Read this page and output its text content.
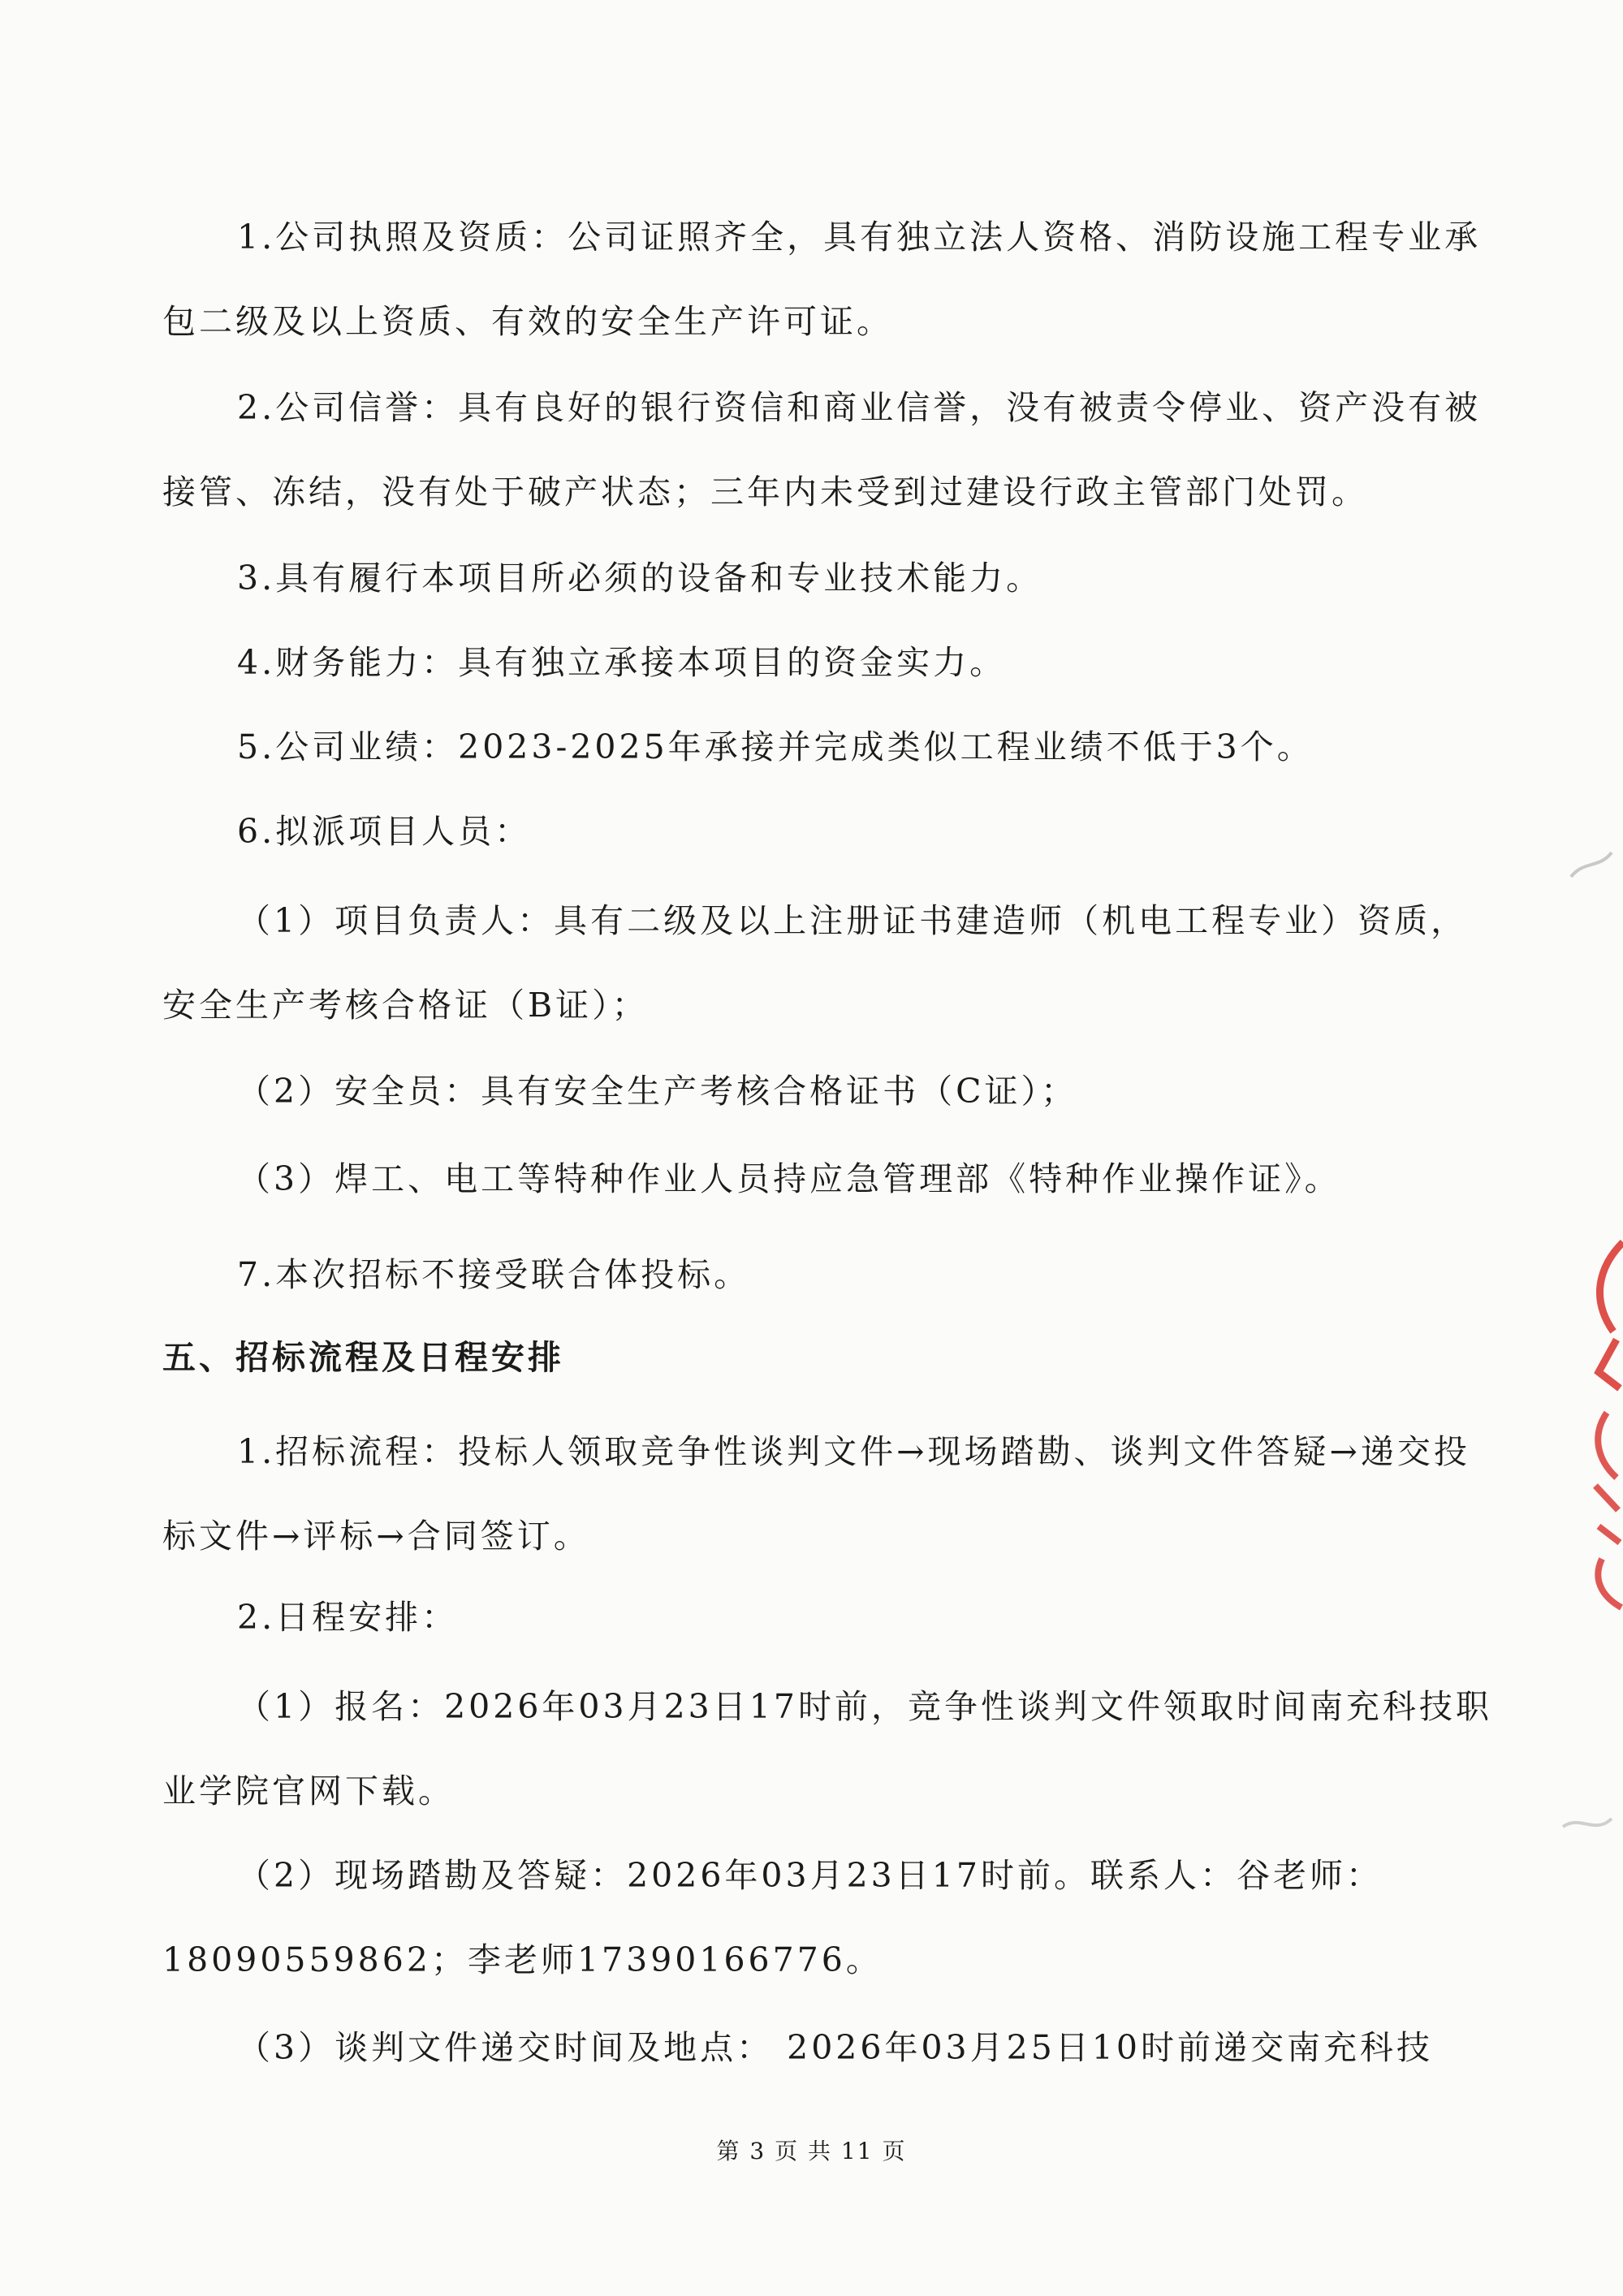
1.公司执照及资质：公司证照齐全，具有独立法人资格、消防设施工程专业承包二级及以上资质、有效的安全生产许可证。

2.公司信誉：具有良好的银行资信和商业信誉，没有被责令停业、资产没有被接管、冻结，没有处于破产状态；三年内未受到过建设行政主管部门处罚。

3.具有履行本项目所必须的设备和专业技术能力。

4.财务能力：具有独立承接本项目的资金实力。

5.公司业绩：2023-2025年承接并完成类似工程业绩不低于3个。

6.拟派项目人员：

（1）项目负责人：具有二级及以上注册证书建造师（机电工程专业）资质，安全生产考核合格证（B证）；

（2）安全员：具有安全生产考核合格证书（C证）；

（3）焊工、电工等特种作业人员持应急管理部《特种作业操作证》。

7.本次招标不接受联合体投标。

五、招标流程及日程安排

1.招标流程：投标人领取竞争性谈判文件→现场踏勘、谈判文件答疑→递交投标文件→评标→合同签订。

2.日程安排：

（1）报名：2026年03月23日17时前，竞争性谈判文件领取时间南充科技职业学院官网下载。

（2）现场踏勘及答疑：2026年03月23日17时前。联系人：谷老师：18090559862；李老师17390166776。

（3）谈判文件递交时间及地点： 2026年03月25日10时前递交南充科技

第 3 页 共 11 页
